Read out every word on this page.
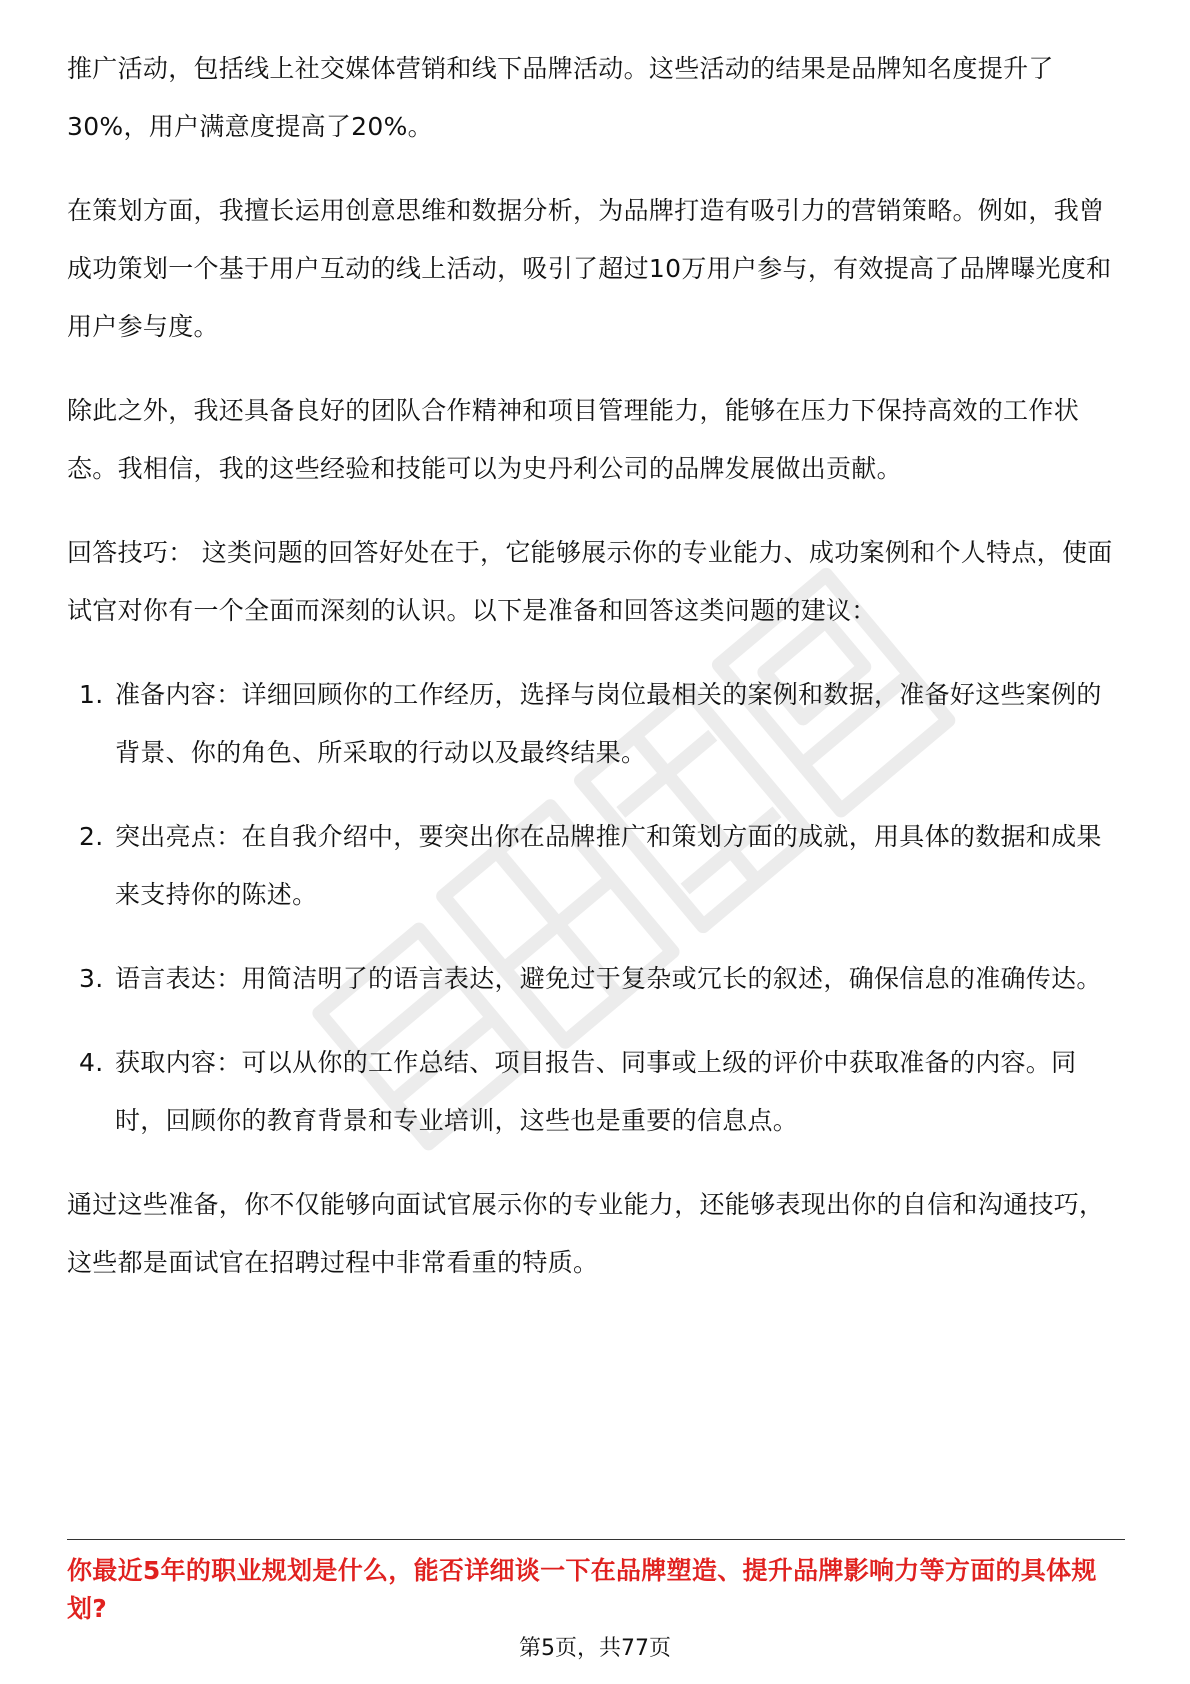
推广活动，包括线上社交媒体营销和线下品牌活动。这些活动的结果是品牌知名度提升了30%，用户满意度提高了20%。

在策划方面，我擅长运用创意思维和数据分析，为品牌打造有吸引力的营销策略。例如，我曾成功策划一个基于用户互动的线上活动，吸引了超过10万用户参与，有效提高了品牌曝光度和用户参与度。

除此之外，我还具备良好的团队合作精神和项目管理能力，能够在压力下保持高效的工作状态。我相信，我的这些经验和技能可以为史丹利公司的品牌发展做出贡献。

回答技巧： 这类问题的回答好处在于，它能够展示你的专业能力、成功案例和个人特点，使面试官对你有一个全面而深刻的认识。以下是准备和回答这类问题的建议：

1. 准备内容：详细回顾你的工作经历，选择与岗位最相关的案例和数据，准备好这些案例的背景、你的角色、所采取的行动以及最终结果。
2. 突出亮点：在自我介绍中，要突出你在品牌推广和策划方面的成就，用具体的数据和成果来支持你的陈述。
3. 语言表达：用简洁明了的语言表达，避免过于复杂或冗长的叙述，确保信息的准确传达。
4. 获取内容：可以从你的工作总结、项目报告、同事或上级的评价中获取准备的内容。同时，回顾你的教育背景和专业培训，这些也是重要的信息点。

通过这些准备，你不仅能够向面试官展示你的专业能力，还能够表现出你的自信和沟通技巧，这些都是面试官在招聘过程中非常看重的特质。

你最近5年的职业规划是什么，能否详细谈一下在品牌塑造、提升品牌影响力等方面的具体规划?

第5页，共77页
